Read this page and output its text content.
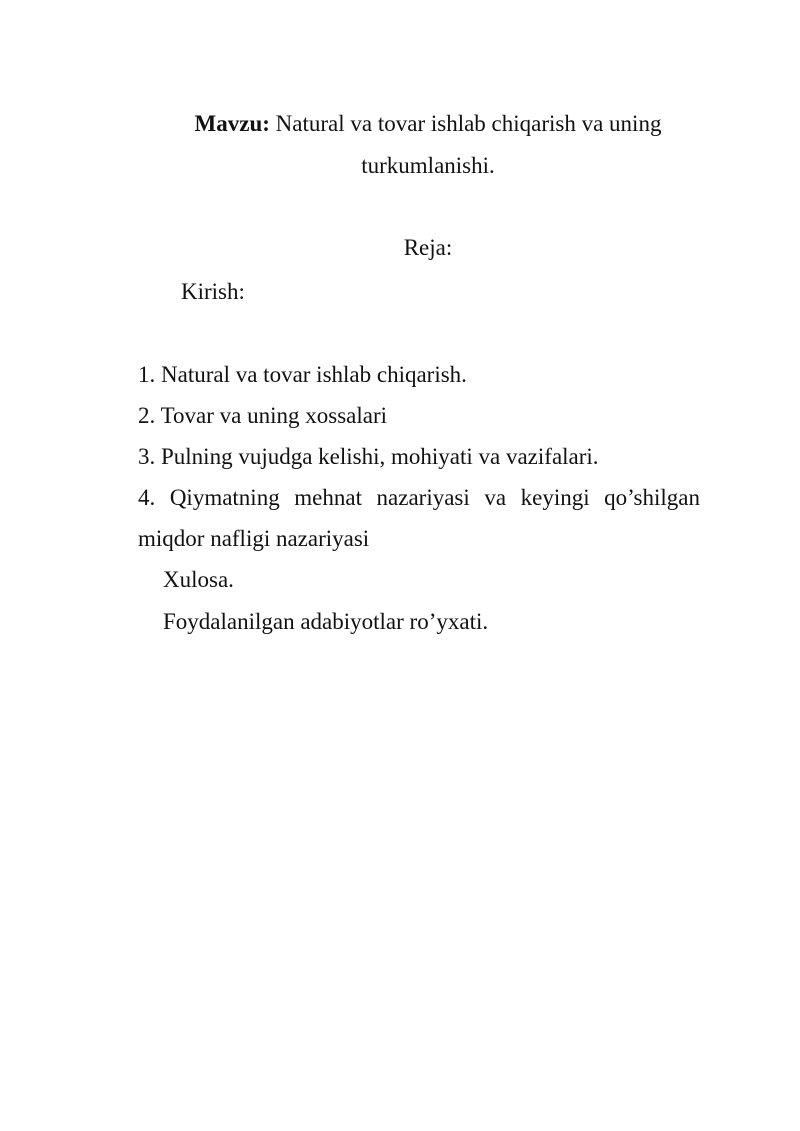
Mavzu: Natural va tovar ishlab chiqarish va uning
turkumlanishi.
Reja:
Kirish:
1. Natural va tovar ishlab chiqarish.
2. Tovar va uning xossalari
3. Pulning vujudga kelishi, mohiyati va vazifalari.
4. Qiymatning mehnat nazariyasi va keyingi qo’shilgan
miqdor nafligi nazariyasi
Xulosa.
Foydalanilgan adabiyotlar ro’yxati.
